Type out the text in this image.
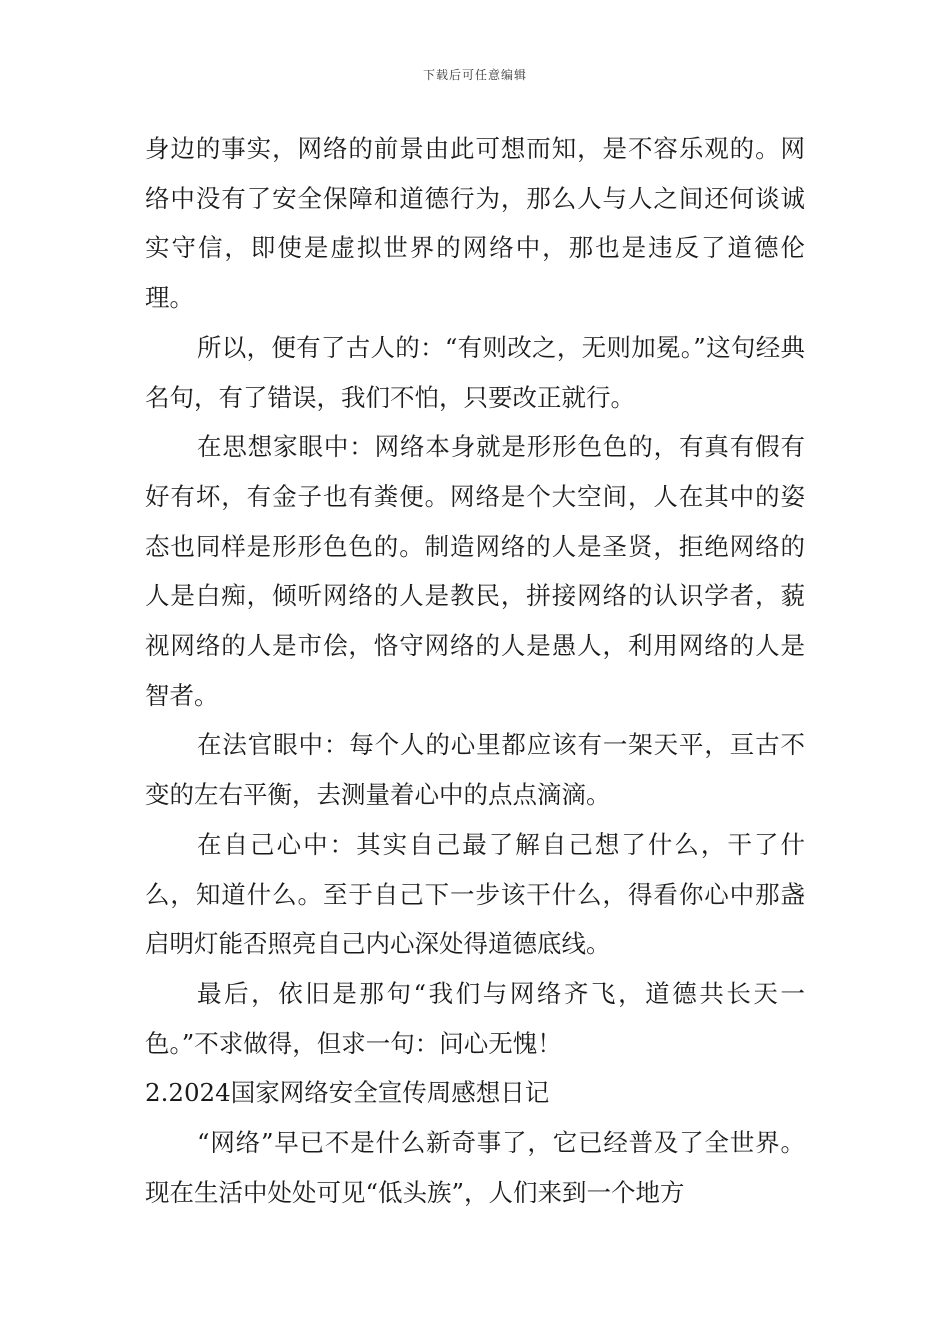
下载后可任意编辑

身边的事实，网络的前景由此可想而知，是不容乐观的。网络中没有了安全保障和道德行为，那么人与人之间还何谈诚实守信，即使是虚拟世界的网络中，那也是违反了道德伦 理。

所以，便有了古人的：“有则改之，无则加冕。”这句经典名句，有了错误，我们不怕，只要改正就行。

在思想家眼中：网络本身就是形形色色的，有真有假有好有坏，有金子也有粪便。网络是个大空间，人在其中的姿态也同样是形形色色的。制造网络的人是圣贤，拒绝网络的人是白痴，倾听网络的人是教民，拼接网络的认识学者，藐视网络的人是市侩，恪守网络的人是愚人，利用网络的人是智者。

在法官眼中：每个人的心里都应该有一架天平，亘古不变的左右平衡，去测量着心中的点点滴滴。

在自己心中：其实自己最了解自己想了什么，干了什么，知道什么。至于自己下一步该干什么，得看你心中那盏启明灯能否照亮自己内心深处得道德底线。

最后，依旧是那句“我们与网络齐飞，道德共长天一色。”不求做得，但求一句：问心无愧！

2.2024国家网络安全宣传周感想日记

“网络”早已不是什么新奇事了，它已经普及了全世界。现在生活中处处可见“低头族”，人们来到一个地方
